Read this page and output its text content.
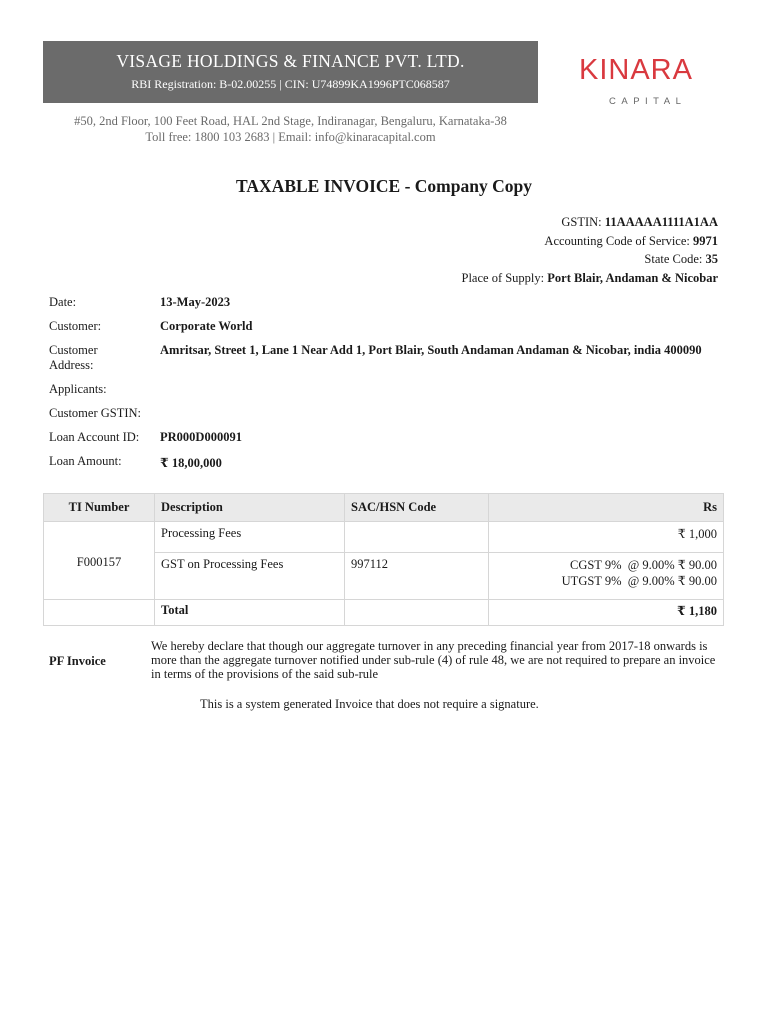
VISAGE HOLDINGS & FINANCE PVT. LTD.
RBI Registration: B-02.00255 | CIN: U74899KA1996PTC068587	KINARA
CAPITAL
#50, 2nd Floor, 100 Feet Road, HAL 2nd Stage, Indiranagar, Bengaluru, Karnataka-38
Toll free: 1800 103 2683 | Email: info@kinaracapital.com
TAXABLE INVOICE - Company Copy
GSTIN: 11AAAAA1111A1AA
Accounting Code of Service: 9971
State Code: 35
Place of Supply: Port Blair, Andaman & Nicobar
Date:	13-May-2023
Customer:	Corporate World
Customer Address:
Amritsar, Street 1, Lane 1 Near Add 1, Port Blair, South Andaman Andaman & Nicobar, india 400090
Applicants:
Customer GSTIN:
Loan Account ID:	PR000D000091
Loan Amount:	₹ 18,00,000
TI Number	Description	SAC/HSN Code	Rs
F000157	Processing Fees		₹ 1,000
	GST on Processing Fees	997112	CGST 9%  @ 9.00% ₹ 90.00
UTGST 9%  @ 9.00% ₹ 90.00

	Total		₹ 1,180
PF Invoice
We hereby declare that though our aggregate turnover in any preceding financial year from 2017-18 onwards is more than the aggregate turnover notified under sub-rule (4) of rule 48, we are not required to prepare an invoice in terms of the provisions of the said sub-rule
This is a system generated Invoice that does not require a signature.
